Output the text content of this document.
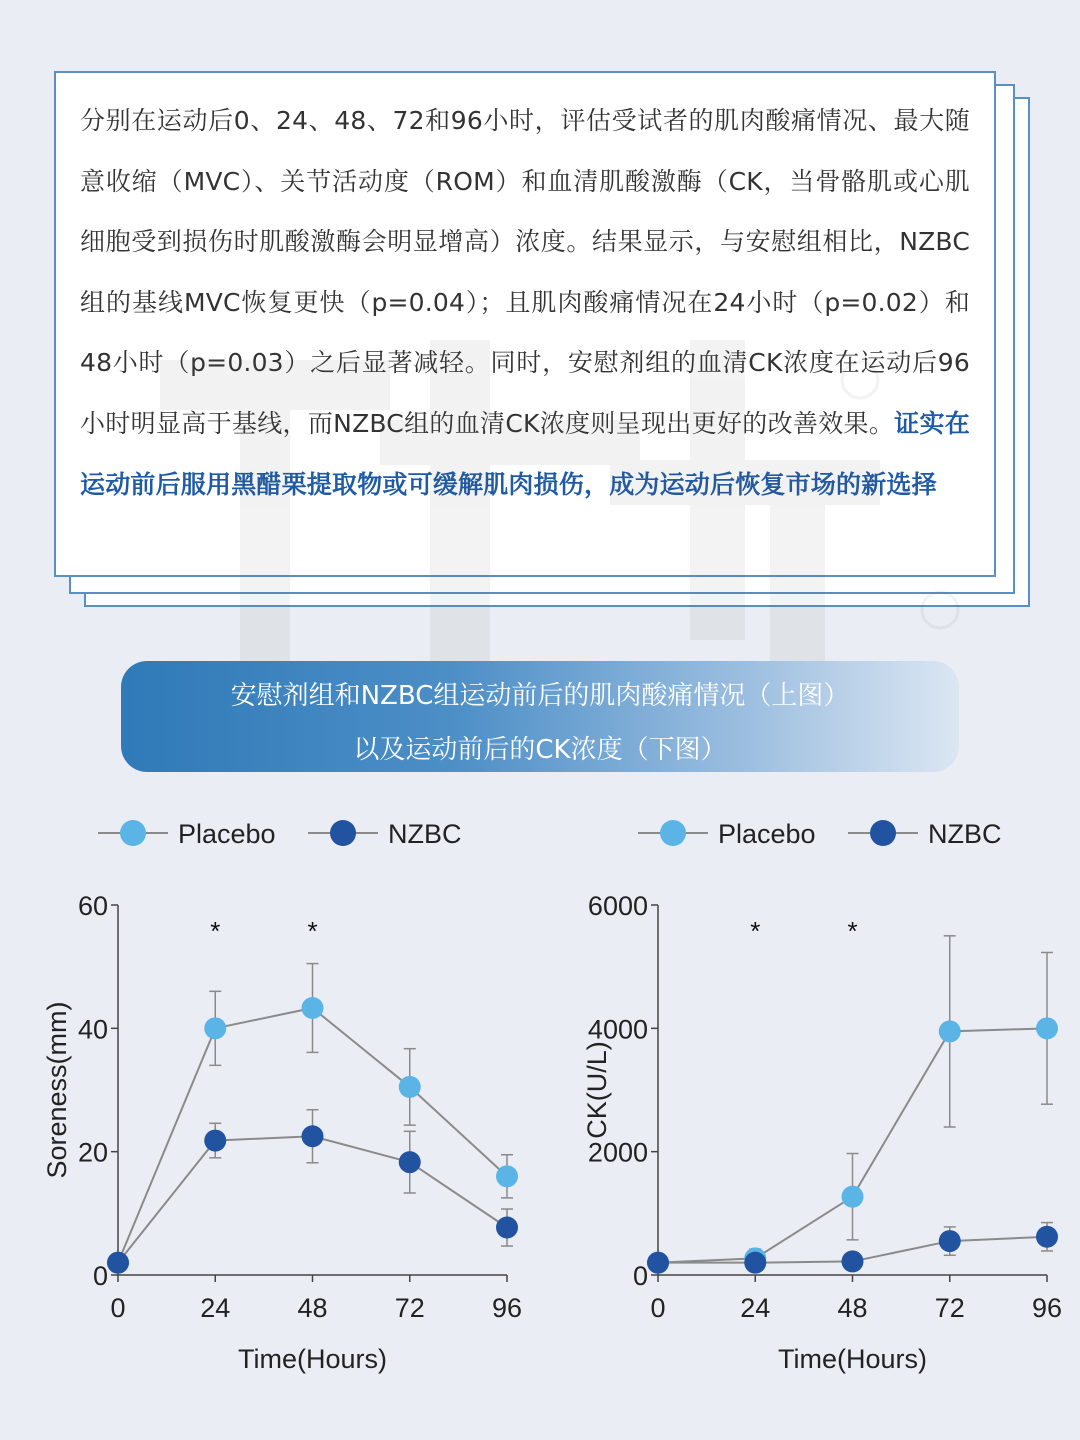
分别在运动后0、24、48、72和96小时，评估受试者的肌肉酸痛情况、最大随意收缩（MVC）、关节活动度（ROM）和血清肌酸激酶（CK，当骨骼肌或心肌细胞受到损伤时肌酸激酶会明显增高）浓度。结果显示，与安慰组相比，NZBC组的基线MVC恢复更快（p=0.04）；且肌肉酸痛情况在24小时（p=0.02）和48小时（p=0.03）之后显著减轻。同时，安慰剂组的血清CK浓度在运动后96小时明显高于基线，而NZBC组的血清CK浓度则呈现出更好的改善效果。证实在运动前后服用黑醋栗提取物或可缓解肌肉损伤，成为运动后恢复市场的新选择

安慰剂组和NZBC组运动前后的肌肉酸痛情况（上图）
以及运动前后的CK浓度（下图）
Placebo	NZBC
0
20
40
60
0	24 48 72 96
Time(Hours)
Soreness(mm)
*	*
Placebo	NZBC
0
2000
4000
6000
0	24 48 72 96
Time(Hours)
CK(U/L)
*	*
